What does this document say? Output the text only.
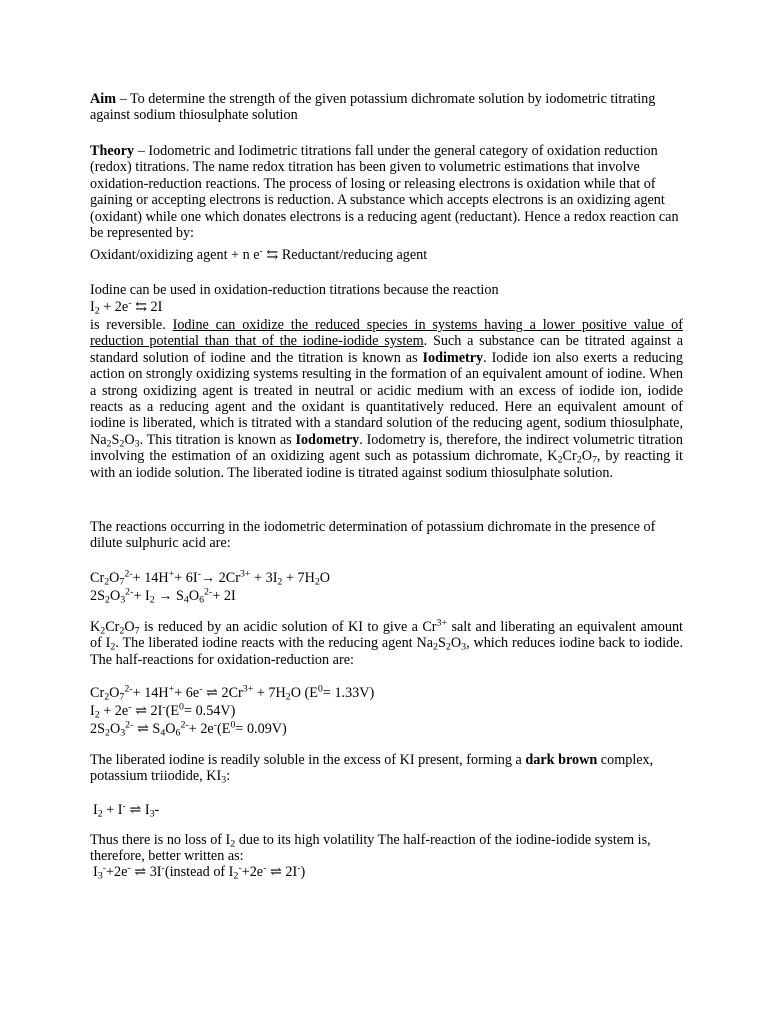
Aim – To determine the strength of the given potassium dichromate solution by iodometric titrating against sodium thiosulphate solution

Theory – Iodometric and Iodimetric titrations fall under the general category of oxidation reduction (redox) titrations. The name redox titration has been given to volumetric estimations that involve oxidation-reduction reactions. The process of losing or releasing electrons is oxidation while that of gaining or accepting electrons is reduction. A substance which accepts electrons is an oxidizing agent (oxidant) while one which donates electrons is a reducing agent (reductant). Hence a redox reaction can be represented by:

Oxidant/oxidizing agent + n e- ⇆ Reductant/reducing agent

Iodine can be used in oxidation-reduction titrations because the reaction

$I_2 + 2e^-$ ⇆ 2I

is reversible. Iodine can oxidize the reduced species in systems having a lower positive value of reduction potential than that of the iodine-iodide system. Such a substance can be titrated against a standard solution of iodine and the titration is known as Iodimetry. Iodide ion also exerts a reducing action on strongly oxidizing systems resulting in the formation of an equivalent amount of iodine. When a strong oxidizing agent is treated in neutral or acidic medium with an excess of iodide ion, iodide reacts as a reducing agent and the oxidant is quantitatively reduced. Here an equivalent amount of iodine is liberated, which is titrated with a standard solution of the reducing agent, sodium thiosulphate, $Na_2S_2O_3$. This titration is known as Iodometry. Iodometry is, therefore, the indirect volumetric titration involving the estimation of an oxidizing agent such as potassium dichromate, $K_2Cr_2O_7$, by reacting it with an iodide solution. The liberated iodine is titrated against sodium thiosulphate solution.

The reactions occurring in the iodometric determination of potassium dichromate in the presence of dilute sulphuric acid are:

$Cr_2O_7^{2-}+ 14H^++ 6I^-\to 2Cr^{3+} + 3I_2 + 7H_2O$
$2S_2O_3^{2-}+ I_2 \to S_4O_6^{2-}+ 2I$

$K_2Cr_2O_7$ is reduced by an acidic solution of KI to give a $Cr^{3+}$ salt and liberating an equivalent amount of $I_2$. The liberated iodine reacts with the reducing agent $Na_2S_2O_3$, which reduces iodine back to iodide. The half-reactions for oxidation-reduction are:

$Cr_2O_7^{2-}+ 14H^++ 6e^-$ ⇌ $2Cr^{3+} + 7H_2O$ $(E^0= 1.33V)$
$I_2 + 2e^-$ ⇌ $2I^-(E^0= 0.54V)$
$2S_2O_3^{2-}$ ⇌ $S_4O_6^{2-}+ 2e^-(E^0= 0.09V)$

The liberated iodine is readily soluble in the excess of KI present, forming a dark brown complex, potassium triiodide, $KI_3$:

$I_2 + I^-$ ⇌ $I_3-$

Thus there is no loss of $I_2$ due to its high volatility The half-reaction of the iodine-iodide system is, therefore, better written as:

$I_3^-+2e^-$ ⇌ 3I-(instead of $I_2^-+2e^-$ ⇌ 2I-)
